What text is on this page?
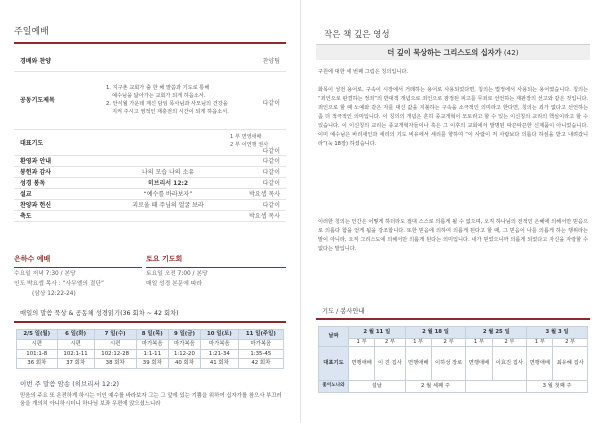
주일예배
경배와 찬양	찬양팀
공동기도제목
1. 지구촌 교회가 출 한 해 말씀과 기도로 통해
예수님을 닮아가는 교회가 되게 하옵소서.
2. 안식월 가운데 계신 담임 목사님과 사모님의 건강을
지켜 주시고 영적인 재충전의 시간이 되게 하옵소서.
다같이
대표기도
1 부 면영애배
2 부 이연행 권사
다같이
환영과 안내	다같이
봉헌과 감사	나의 모습 나의 소유	다같이
성경 봉독	히브리서 12:2	다같이
설교	“예수를 바라보자”	박요셉 목사
찬양과 헌신	괴로울 때 주님의 얼굴 보라	다같이
축도	박요셉 목사
은하수 예배
수요일 저녁 7:30 / 본당
인도 박요셉 목사 : “사무엘의 결단”
(삼상 12:22-24)
토요 기도회
토요일 오전 7:00 / 본당
매일 성경 본문에 따라
매일의 말씀 묵상 & 공동체 성경읽기(36 회차 ~ 42 회차)
2/5 일(월)	6 일(화)	7 일(수)	8 일(목)	9 일(금)	10 일(토)	11 일(주일)
시편	시편	시편	마가복음	마가복음	마가복음	마가복음
101:1-8	102:1-11	102:12-28	1:1-11	1:12-20	1:21-34	1:35-45
36 회차	37 회차	38 회차	39 회차	40 회차	41 회차	42 회차
이번 주 말씀 암송 (히브리서 12:2)
믿음의 주요 또 온전하게 하시는 이인 예수를 바라보자 그는 그 앞에 있는 기쁨을 위하여 십자가를 참으사 부끄러움을 개의치 아니하시더니 하나님 보좌 우편에 앉으셨느니라
작은 책 깊은 영성
더 깊이 묵상하는 그리스도의 십자가 (42)
구원에 대한 세 번째 그림은 칭의입니다.
화목이 성전 용어로, 구속이 시장에서 거래하는 용어로 사용되었다면, 칭의는 법정에서 사용되는 용어였습니다. 칭의는 “죄인으로 판결하는 정죄”의 반대적 개념으로 죄인으로 잠정된 피고를 무죄로 선언하는 재판장의 선고와 같은 것입니다. 죄인으로 할 때 노예와 같은 자를 대신 값을 지불하는 구속을 소극적인 의미라고 한다면, 칭의는 죄가 없다고 선언하는 좀 더 적극적인 의미입니다. 이 칭의의 개념은 흔히 종교개혁이 모토라고 할 수 있는 이신칭의 교리의 핵심이라고 할 수 있습니다. 이 이신칭의 교리는 종교개혁자들이나 혹은 그 이후의 교회에서 발명된 따끈따끈한 신제품이 아니었습니다. 이미 예수님은 바리새인과 세리의 기도 비유에서 세리를 향하여 “이 사람이 저 사람보다 의롭다 하심을 받고 내려갔니라”(눅 18장) 하셨습니다.
이러한 칭의는 인간은 어떻게 하더라도 절대 스스로 의롭게 될 수 없으며, 오직 하나님의 전적인 은혜에 의해서만 믿음으로 의롭다 함을 얻게 됨을 강조합니다. 또한 믿음에 의하여 의롭게 된다고 할 때, 그 믿음이 나를 의롭게 하는 행위라는 말이 아니라, 오직 그리스도에 의해서만 의롭게 된다는 의미입니다. 내가 믿었으니까 의롭게 되었다고 자신을 자랑할 수 없다는 말입니다.
기도 / 봉사안내
날짜	2 월 11 일		2 월 18 일		2 월 25 일		3 월 3 일	
	1 부	2 부	1 부	2 부	1 부	2 부	1 부	2 부
대표기도	면행애배	이 진 집사	면행애배	이하성 장로	면행애배	이효진 집사	면행애배	최유혜 집사
꽃이노나와	설날		2 월 셰째 주				3 월 첫째 주	
